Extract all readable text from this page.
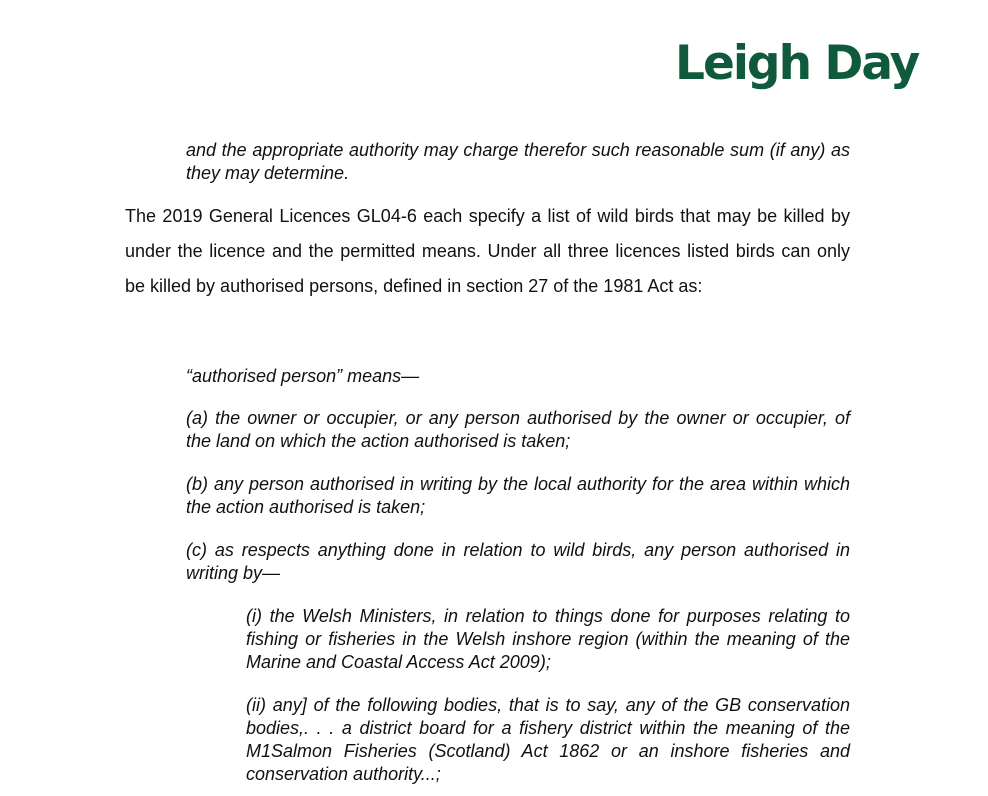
Leigh Day

and the appropriate authority may charge therefor such reasonable sum (if any) as they may determine.

The 2019 General Licences GL04-6 each specify a list of wild birds that may be killed by under the licence and the permitted means. Under all three licences listed birds can only be killed by authorised persons, defined in section 27 of the 1981 Act as:

“authorised person” means—

(a) the owner or occupier, or any person authorised by the owner or occupier, of the land on which the action authorised is taken;

(b) any person authorised in writing by the local authority for the area within which the action authorised is taken;

(c) as respects anything done in relation to wild birds, any person authorised in writing by—

(i) the Welsh Ministers, in relation to things done for purposes relating to fishing or fisheries in the Welsh inshore region (within the meaning of the Marine and Coastal Access Act 2009);

(ii) any] of the following bodies, that is to say, any of the GB conservation bodies,. . . a district board for a fishery district within the meaning of the M1Salmon Fisheries (Scotland) Act 1862 or an inshore fisheries and conservation authority...;
